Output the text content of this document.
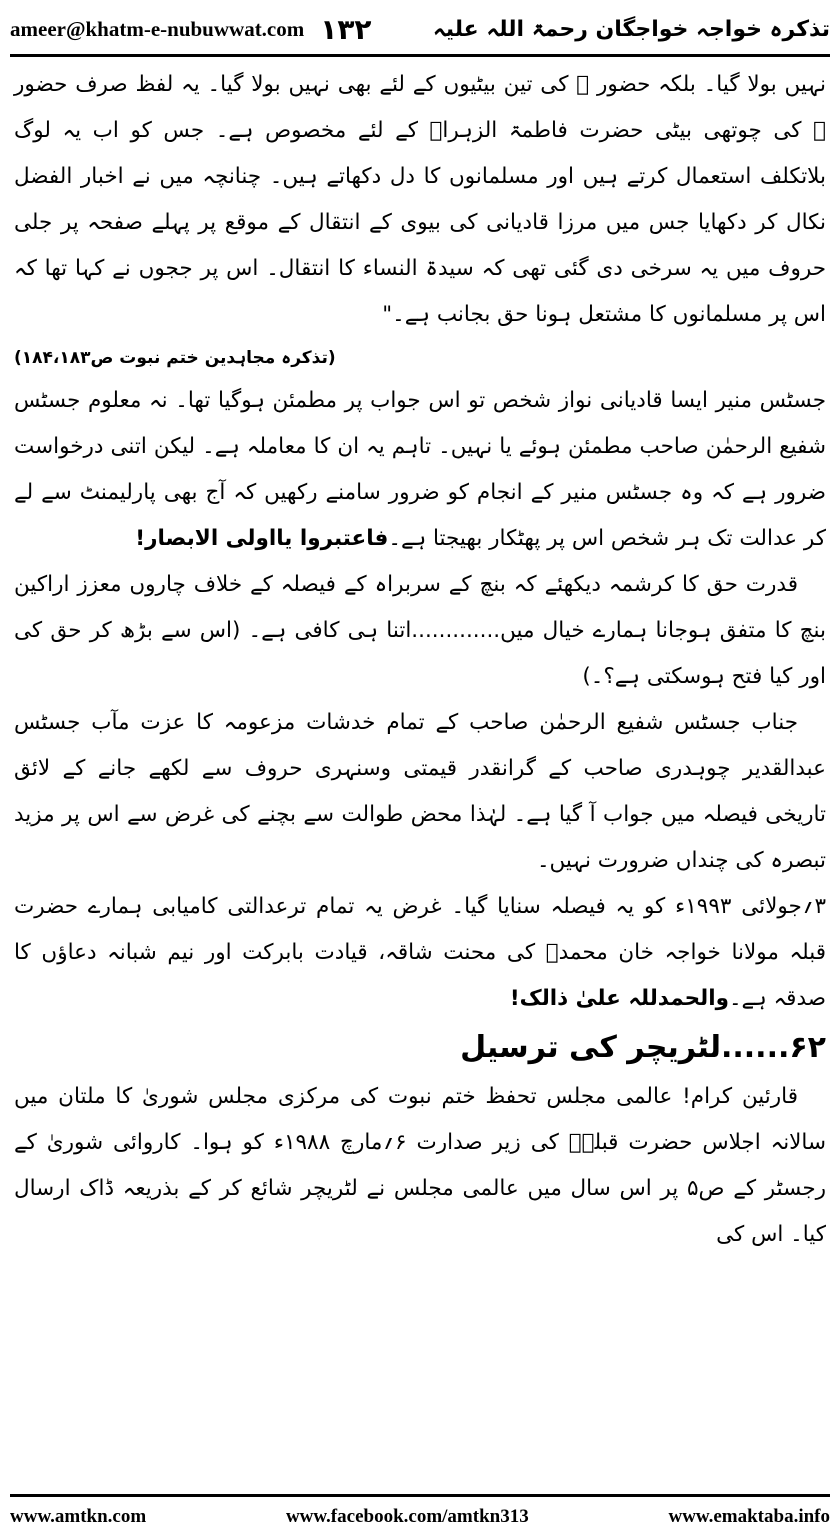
ameer@khatm-e-nubuwwat.com ۱۳۲	تذکرہ خواجہ خواجگان رحمۃ اللہ علیہ

نہیں بولا گیا۔ بلکہ حضور ﷺ کی تین بیٹیوں کے لئے بھی نہیں بولا گیا۔ یہ لفظ صرف حضور ﷺ کی چوتھی بیٹی حضرت فاطمۃ الزہراؓ کے لئے مخصوص ہے۔ جس کو اب یہ لوگ بلاتکلف استعمال کرتے ہیں اور مسلمانوں کا دل دکھاتے ہیں۔ چنانچہ میں نے اخبار الفضل نکال کر دکھایا جس میں مرزا قادیانی کی بیوی کے انتقال کے موقع پر پہلے صفحہ پر جلی حروف میں یہ سرخی دی گئی تھی کہ سیدۃ النساء کا انتقال۔ اس پر ججوں نے کہا تھا کہ اس پر مسلمانوں کا مشتعل ہونا حق بجانب ہے۔"

(تذکرہ مجاہدین ختم نبوت ص۱۸۴،۱۸۳)

جسٹس منیر ایسا قادیانی نواز شخص تو اس جواب پر مطمئن ہوگیا تھا۔ نہ معلوم جسٹس شفیع الرحمٰن صاحب مطمئن ہوئے یا نہیں۔ تاہم یہ ان کا معاملہ ہے۔ لیکن اتنی درخواست ضرور ہے کہ وہ جسٹس منیر کے انجام کو ضرور سامنے رکھیں کہ آج بھی پارلیمنٹ سے لے کر عدالت تک ہر شخص اس پر پھٹکار بھیجتا ہے۔فاعتبروا یااولی الابصار!

قدرت حق کا کرشمہ دیکھئے کہ بنچ کے سربراہ کے فیصلہ کے خلاف چاروں معزز اراکین بنچ کا متفق ہوجانا ہمارے خیال میں.............اتنا ہی کافی ہے۔ (اس سے بڑھ کر حق کی اور کیا فتح ہوسکتی ہے؟۔)

جناب جسٹس شفیع الرحمٰن صاحب کے تمام خدشات مزعومہ کا عزت مآب جسٹس عبدالقدیر چوہدری صاحب کے گرانقدر قیمتی وسنہری حروف سے لکھے جانے کے لائق تاریخی فیصلہ میں جواب آ گیا ہے۔ لہٰذا محض طوالت سے بچنے کی غرض سے اس پر مزید تبصرہ کی چنداں ضرورت نہیں۔

۳؍جولائی ۱۹۹۳ء کو یہ فیصلہ سنایا گیا۔ غرض یہ تمام ترعدالتی کامیابی ہمارے حضرت قبلہ مولانا خواجہ خان محمدؒ کی محنت شاقہ، قیادت بابرکت اور نیم شبانہ دعاؤں کا صدقہ ہے۔والحمدللہ علیٰ ذالک!

۶۲......لٹریچر کی ترسیل

قارئین کرام! عالمی مجلس تحفظ ختم نبوت کی مرکزی مجلس شوریٰ کا ملتان میں سالانہ اجلاس حضرت قبلہؒ کی زیر صدارت ۶؍مارچ ۱۹۸۸ء کو ہوا۔ کاروائی شوریٰ کے رجسٹر کے ص۵ پر اس سال میں عالمی مجلس نے لٹریچر شائع کر کے بذریعہ ڈاک ارسال کیا۔ اس کی

www.amtkn.com	www.facebook.com/amtkn313	www.emaktaba.info
